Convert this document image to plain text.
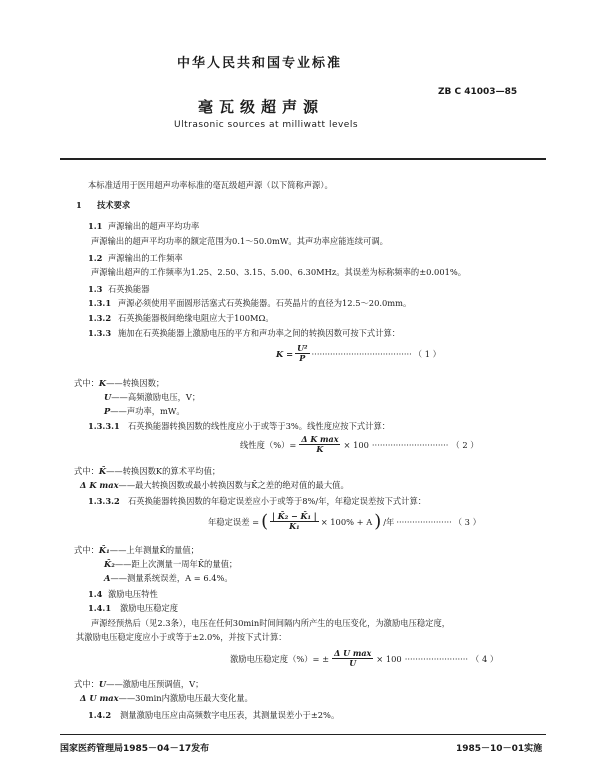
中华人民共和国专业标准
ZB C 41003—85
毫瓦级超声源
Ultrasonic sources at milliwatt levels
本标准适用于医用超声功率标准的毫瓦级超声源（以下简称声源）。
1 技术要求
1.1 声源输出的超声平均功率
声源输出的超声平均功率的额定范围为0.1～50.0mW。其声功率应能连续可调。
1.2 声源输出的工作频率
声源输出超声的工作频率为1.25、2.50、3.15、5.00、6.30MHz。其误差为标称频率的±0.001%。
1.3 石英换能器
1.3.1 声源必须使用平面圆形活塞式石英换能器。石英晶片的直径为12.5～20.0mm。
1.3.2 石英换能器极间绝缘电阻应大于100MΩ。
1.3.3 施加在石英换能器上激励电压的平方和声功率之间的转换因数可按下式计算：
$K = \frac{\text{U²}}{P}$ ······································ （ 1 ）
式中：K——转换因数；
U——高频激励电压，V；
P——声功率，mW。
1.3.3.1 石英换能器转换因数的线性度应小于或等于3%。线性度应按下式计算：
线性度（%）= $\frac{\text{Δ K max}}{K̄} \times 100$ ····························· （ 2 ）
式中：K̄——转换因数K的算术平均值；
Δ K max——最大转换因数或最小转换因数与K̄之差的绝对值的最大值。
1.3.3.2 石英换能器转换因数的年稳定误差应小于或等于8%/年，年稳定误差按下式计算：
年稳定误差 = ( $\frac{\text{| K̄₂ − K̄₁ |}}{\text{K̄₁}} \times 100\% + A$ ) /年 ····················· （ 3 ）
式中：K̄₁——上年测量K̄的量值；
K̄₂——距上次测量一周年K̄的量值；
A——测量系统误差，A = 6.4%。
1.4 激励电压特性
1.4.1 激励电压稳定度
声源经预热后（见2.3条），电压在任何30min时间间隔内所产生的电压变化，为激励电压稳定度，
其激励电压稳定度应小于或等于±2.0%，并按下式计算：
激励电压稳定度（%）= ± $\frac{\text{Δ U max}}{U} \times 100$ ························ （ 4 ）
式中：U——激励电压预调值，V；
Δ U max——30min内激励电压最大变化量。
1.4.2 测量激励电压应由高频数字电压表，其测量误差小于±2%。
国家医药管理局1985－04－17发布	1985－10－01实施
